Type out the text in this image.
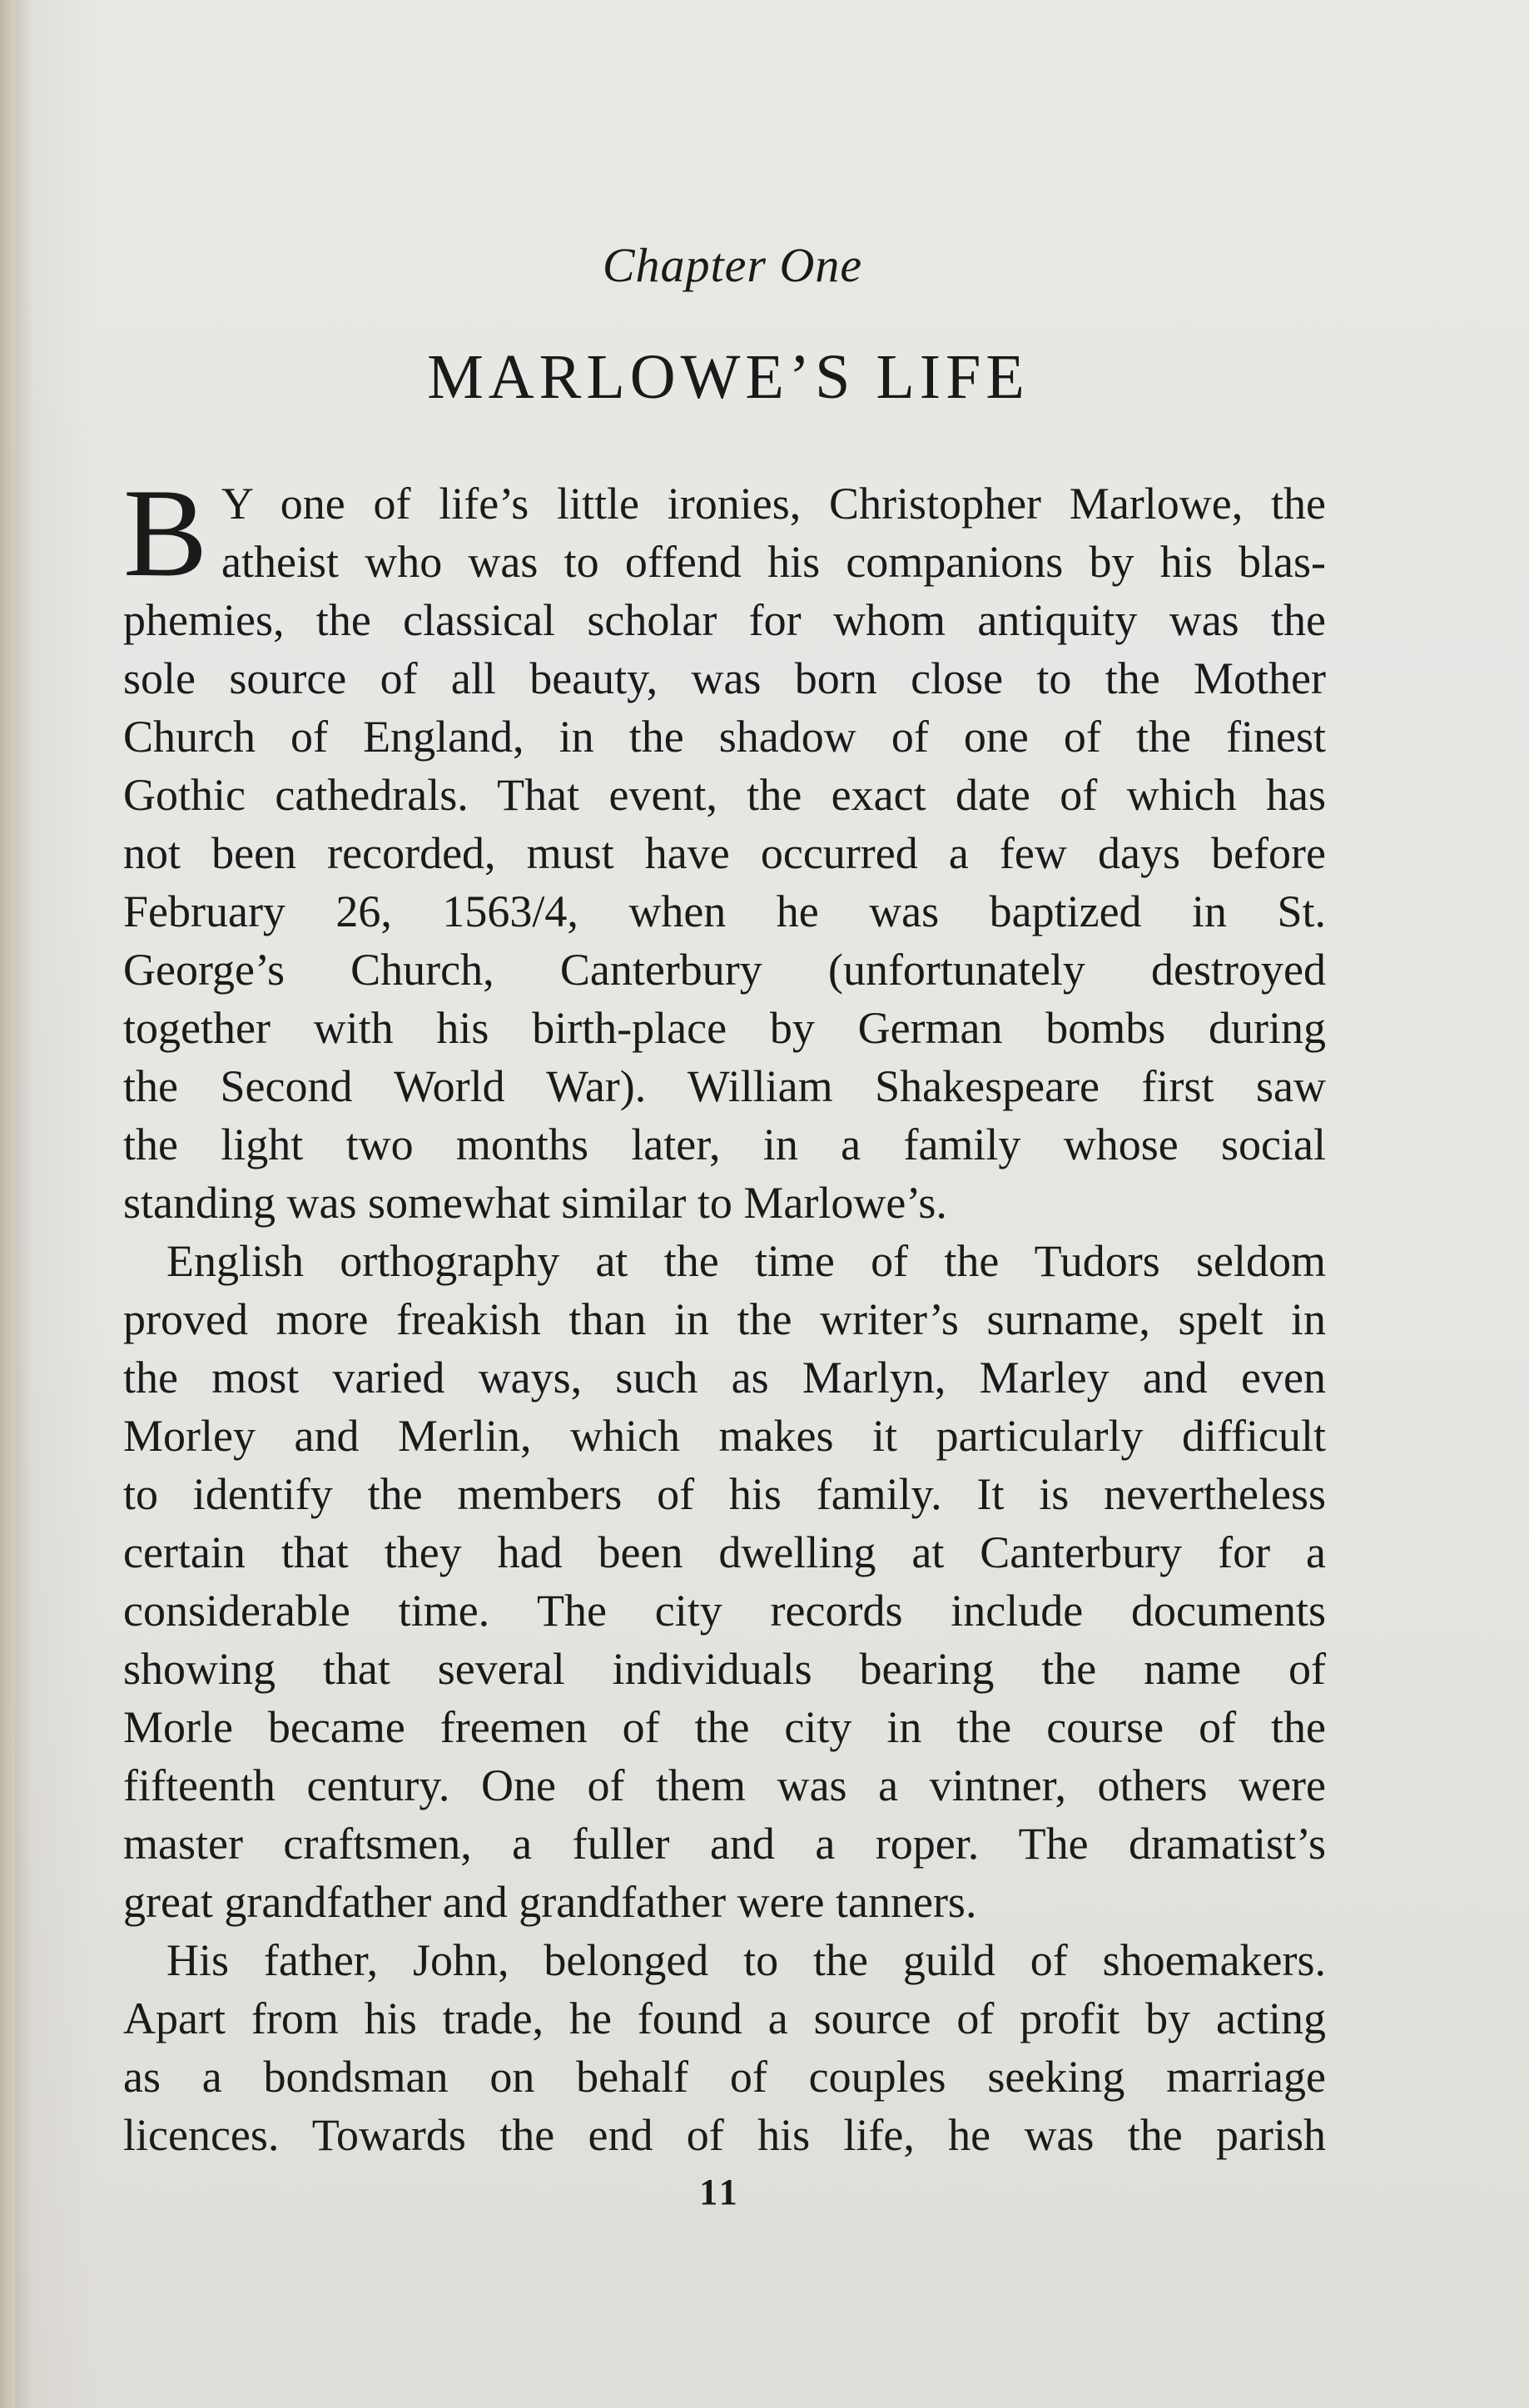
Chapter One
MARLOWE’S LIFE
B Y one of life’s little ironies, Christopher Marlowe, the
atheist who was to offend his companions by his blas-
phemies, the classical scholar for whom antiquity was the
sole source of all beauty, was born close to the Mother
Church of England, in the shadow of one of the finest
Gothic cathedrals. That event, the exact date of which has
not been recorded, must have occurred a few days before
February 26, 1563/4, when he was baptized in St.
George’s Church, Canterbury (unfortunately destroyed
together with his birth-place by German bombs during
the Second World War). William Shakespeare first saw
the light two months later, in a family whose social
standing was somewhat similar to Marlowe’s.
English orthography at the time of the Tudors seldom
proved more freakish than in the writer’s surname, spelt in
the most varied ways, such as Marlyn, Marley and even
Morley and Merlin, which makes it particularly difficult
to identify the members of his family. It is nevertheless
certain that they had been dwelling at Canterbury for a
considerable time. The city records include documents
showing that several individuals bearing the name of
Morle became freemen of the city in the course of the
fifteenth century. One of them was a vintner, others were
master craftsmen, a fuller and a roper. The dramatist’s
great grandfather and grandfather were tanners.
His father, John, belonged to the guild of shoemakers.
Apart from his trade, he found a source of profit by acting
as a bondsman on behalf of couples seeking marriage
licences. Towards the end of his life, he was the parish
11
